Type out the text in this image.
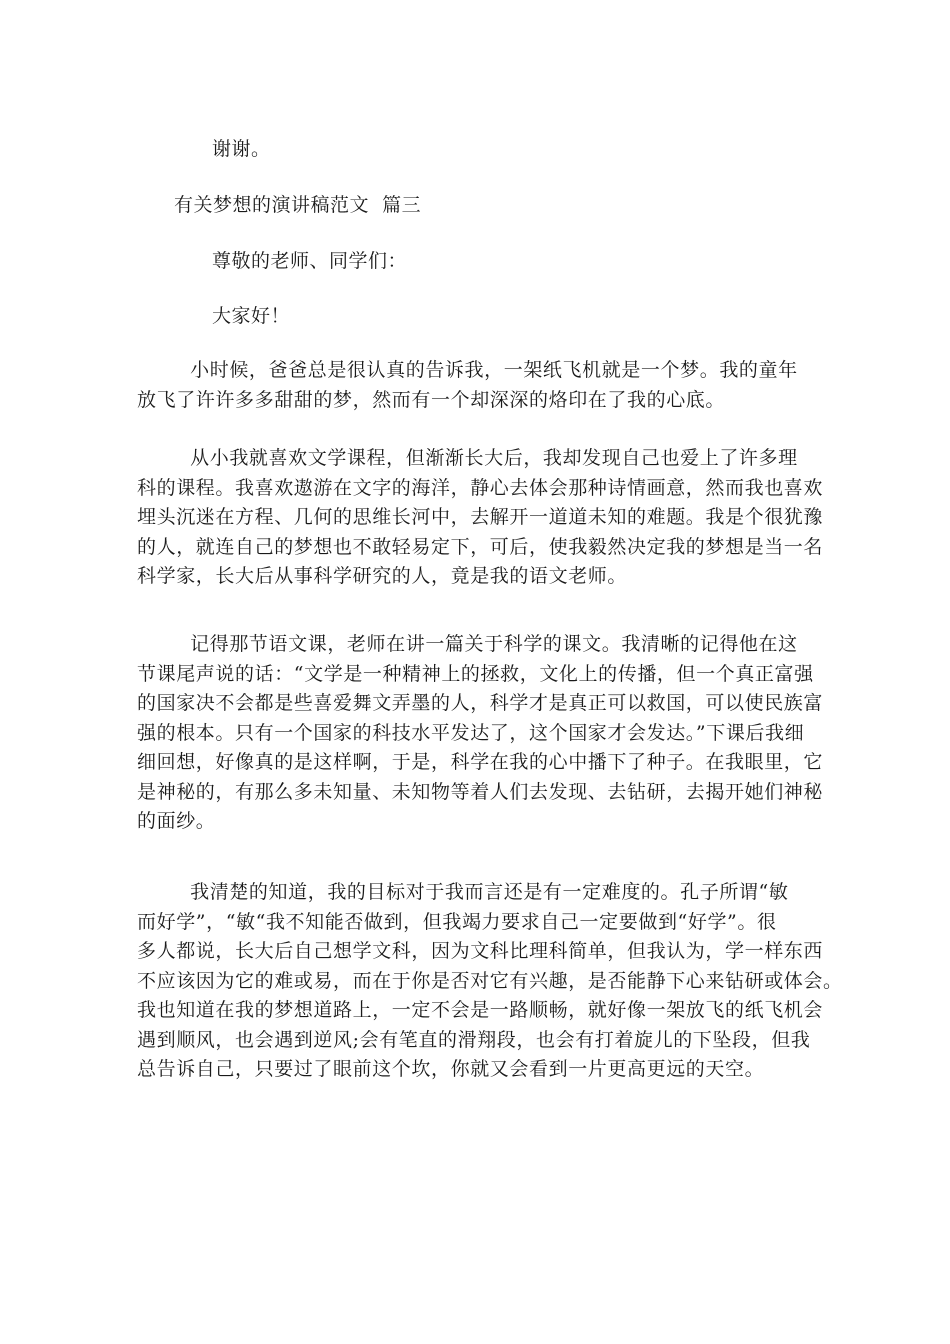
谢谢。
有关梦想的演讲稿范文  篇三
尊敬的老师、同学们：
大家好！

小时候，爸爸总是很认真的告诉我，一架纸飞机就是一个梦。我的童年

放飞了许许多多甜甜的梦，然而有一个却深深的烙印在了我的心底。

从小我就喜欢文学课程，但渐渐长大后，我却发现自己也爱上了许多理

科的课程。我喜欢遨游在文字的海洋，静心去体会那种诗情画意，然而我也喜欢

埋头沉迷在方程、几何的思维长河中，去解开一道道未知的难题。我是个很犹豫

的人，就连自己的梦想也不敢轻易定下，可后，使我毅然决定我的梦想是当一名

科学家，长大后从事科学研究的人，竟是我的语文老师。

记得那节语文课，老师在讲一篇关于科学的课文。我清晰的记得他在这

节课尾声说的话：“文学是一种精神上的拯救，文化上的传播，但一个真正富强

的国家决不会都是些喜爱舞文弄墨的人，科学才是真正可以救国，可以使民族富

强的根本。只有一个国家的科技水平发达了，这个国家才会发达。”下课后我细

细回想，好像真的是这样啊，于是，科学在我的心中播下了种子。在我眼里，它

是神秘的，有那么多未知量、未知物等着人们去发现、去钻研，去揭开她们神秘

的面纱。

我清楚的知道，我的目标对于我而言还是有一定难度的。孔子所谓“敏

而好学”，“敏“我不知能否做到，但我竭力要求自己一定要做到“好学”。很

多人都说，长大后自己想学文科，因为文科比理科简单，但我认为，学一样东西

不应该因为它的难或易，而在于你是否对它有兴趣，是否能静下心来钻研或体会。

我也知道在我的梦想道路上，一定不会是一路顺畅，就好像一架放飞的纸飞机会

遇到顺风，也会遇到逆风;会有笔直的滑翔段，也会有打着旋儿的下坠段，但我

总告诉自己，只要过了眼前这个坎，你就又会看到一片更高更远的天空。
